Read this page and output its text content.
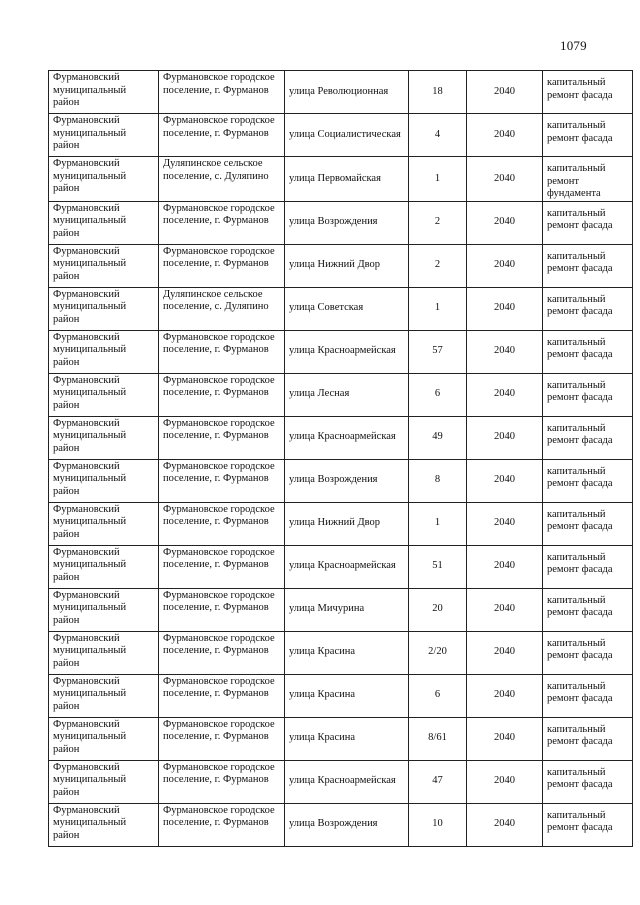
1079
Фурмановский муниципальный район	Фурмановское городское поселение, г. Фурманов	улица Революционная	18	2040	капитальный ремонт фасада
Фурмановский муниципальный район	Фурмановское городское поселение, г. Фурманов	улица Социалистическая	4	2040	капитальный ремонт фасада
Фурмановский муниципальный район	Дуляпинское сельское поселение, с. Дуляпино	улица Первомайская	1	2040	капитальный ремонт фундамента
Фурмановский муниципальный район	Фурмановское городское поселение, г. Фурманов	улица Возрождения	2	2040	капитальный ремонт фасада
Фурмановский муниципальный район	Фурмановское городское поселение, г. Фурманов	улица Нижний Двор	2	2040	капитальный ремонт фасада
Фурмановский муниципальный район	Дуляпинское сельское поселение, с. Дуляпино	улица Советская	1	2040	капитальный ремонт фасада
Фурмановский муниципальный район	Фурмановское городское поселение, г. Фурманов	улица Красноармейская	57	2040	капитальный ремонт фасада
Фурмановский муниципальный район	Фурмановское городское поселение, г. Фурманов	улица Лесная	6	2040	капитальный ремонт фасада
Фурмановский муниципальный район	Фурмановское городское поселение, г. Фурманов	улица Красноармейская	49	2040	капитальный ремонт фасада
Фурмановский муниципальный район	Фурмановское городское поселение, г. Фурманов	улица Возрождения	8	2040	капитальный ремонт фасада
Фурмановский муниципальный район	Фурмановское городское поселение, г. Фурманов	улица Нижний Двор	1	2040	капитальный ремонт фасада
Фурмановский муниципальный район	Фурмановское городское поселение, г. Фурманов	улица Красноармейская	51	2040	капитальный ремонт фасада
Фурмановский муниципальный район	Фурмановское городское поселение, г. Фурманов	улица Мичурина	20	2040	капитальный ремонт фасада
Фурмановский муниципальный район	Фурмановское городское поселение, г. Фурманов	улица Красина	2/20	2040	капитальный ремонт фасада
Фурмановский муниципальный район	Фурмановское городское поселение, г. Фурманов	улица Красина	6	2040	капитальный ремонт фасада
Фурмановский муниципальный район	Фурмановское городское поселение, г. Фурманов	улица Красина	8/61	2040	капитальный ремонт фасада
Фурмановский муниципальный район	Фурмановское городское поселение, г. Фурманов	улица Красноармейская	47	2040	капитальный ремонт фасада
Фурмановский муниципальный район	Фурмановское городское поселение, г. Фурманов	улица Возрождения	10	2040	капитальный ремонт фасада
